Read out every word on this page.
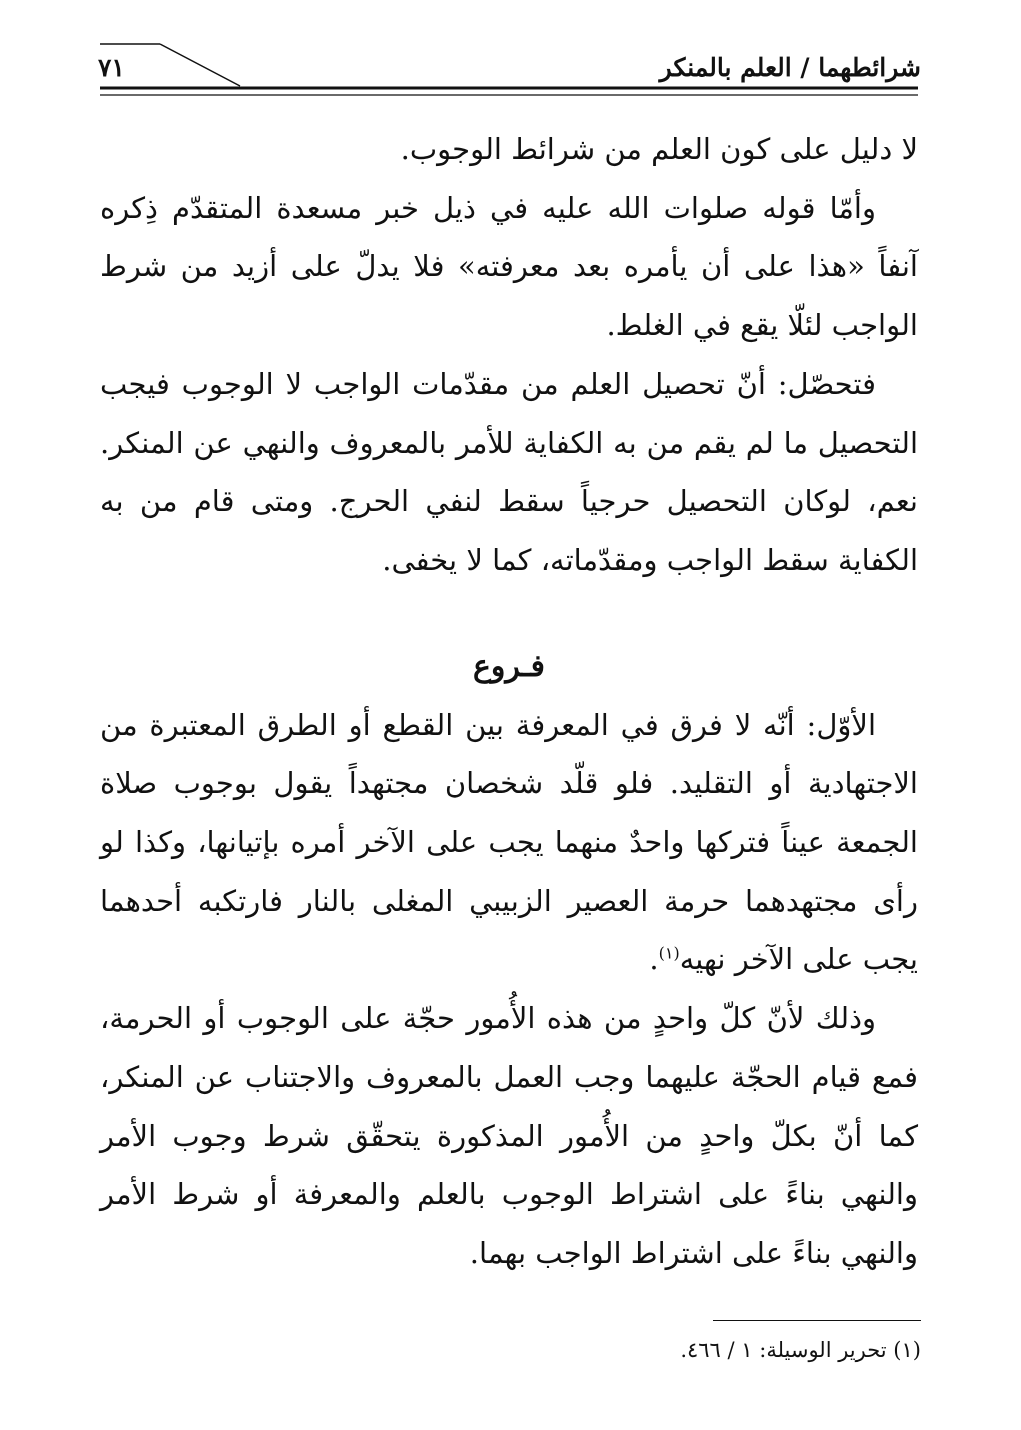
شرائطهما / العلم بالمنكر
٧١

لا دليل على كون العلم من شرائط الوجوب.

وأمّا قوله صلوات الله عليه في ذيل خبر مسعدة المتقدّم ذِكره آنفاً «هذا على أن يأمره بعد معرفته» فلا يدلّ على أزيد من شرط الواجب لئلّا يقع في الغلط.

فتحصّل: أنّ تحصيل العلم من مقدّمات الواجب لا الوجوب فيجب التحصيل ما لم يقم من به الكفاية للأمر بالمعروف والنهي عن المنكر. نعم، لوكان التحصيل حرجياً سقط لنفي الحرج. ومتى قام من به الكفاية سقط الواجب ومقدّماته، كما لا يخفى.

فـروع

الأوّل: أنّه لا فرق في المعرفة بين القطع أو الطرق المعتبرة من الاجتهادية أو التقليد. فلو قلّد شخصان مجتهداً يقول بوجوب صلاة الجمعة عيناً فتركها واحدٌ منهما يجب على الآخر أمره بإتيانها، وكذا لو رأى مجتهدهما حرمة العصير الزبيبي المغلى بالنار فارتكبه أحدهما يجب على الآخر نهيه$^{(١)}$.

وذلك لأنّ كلّ واحدٍ من هذه الأُمور حجّة على الوجوب أو الحرمة، فمع قيام الحجّة عليهما وجب العمل بالمعروف والاجتناب عن المنكر، كما أنّ بكلّ واحدٍ من الأُمور المذكورة يتحقّق شرط وجوب الأمر والنهي بناءً على اشتراط الوجوب بالعلم والمعرفة أو شرط الأمر والنهي بناءً على اشتراط الواجب بهما.

(١) تحرير الوسيلة: ١ / ٤٦٦.
